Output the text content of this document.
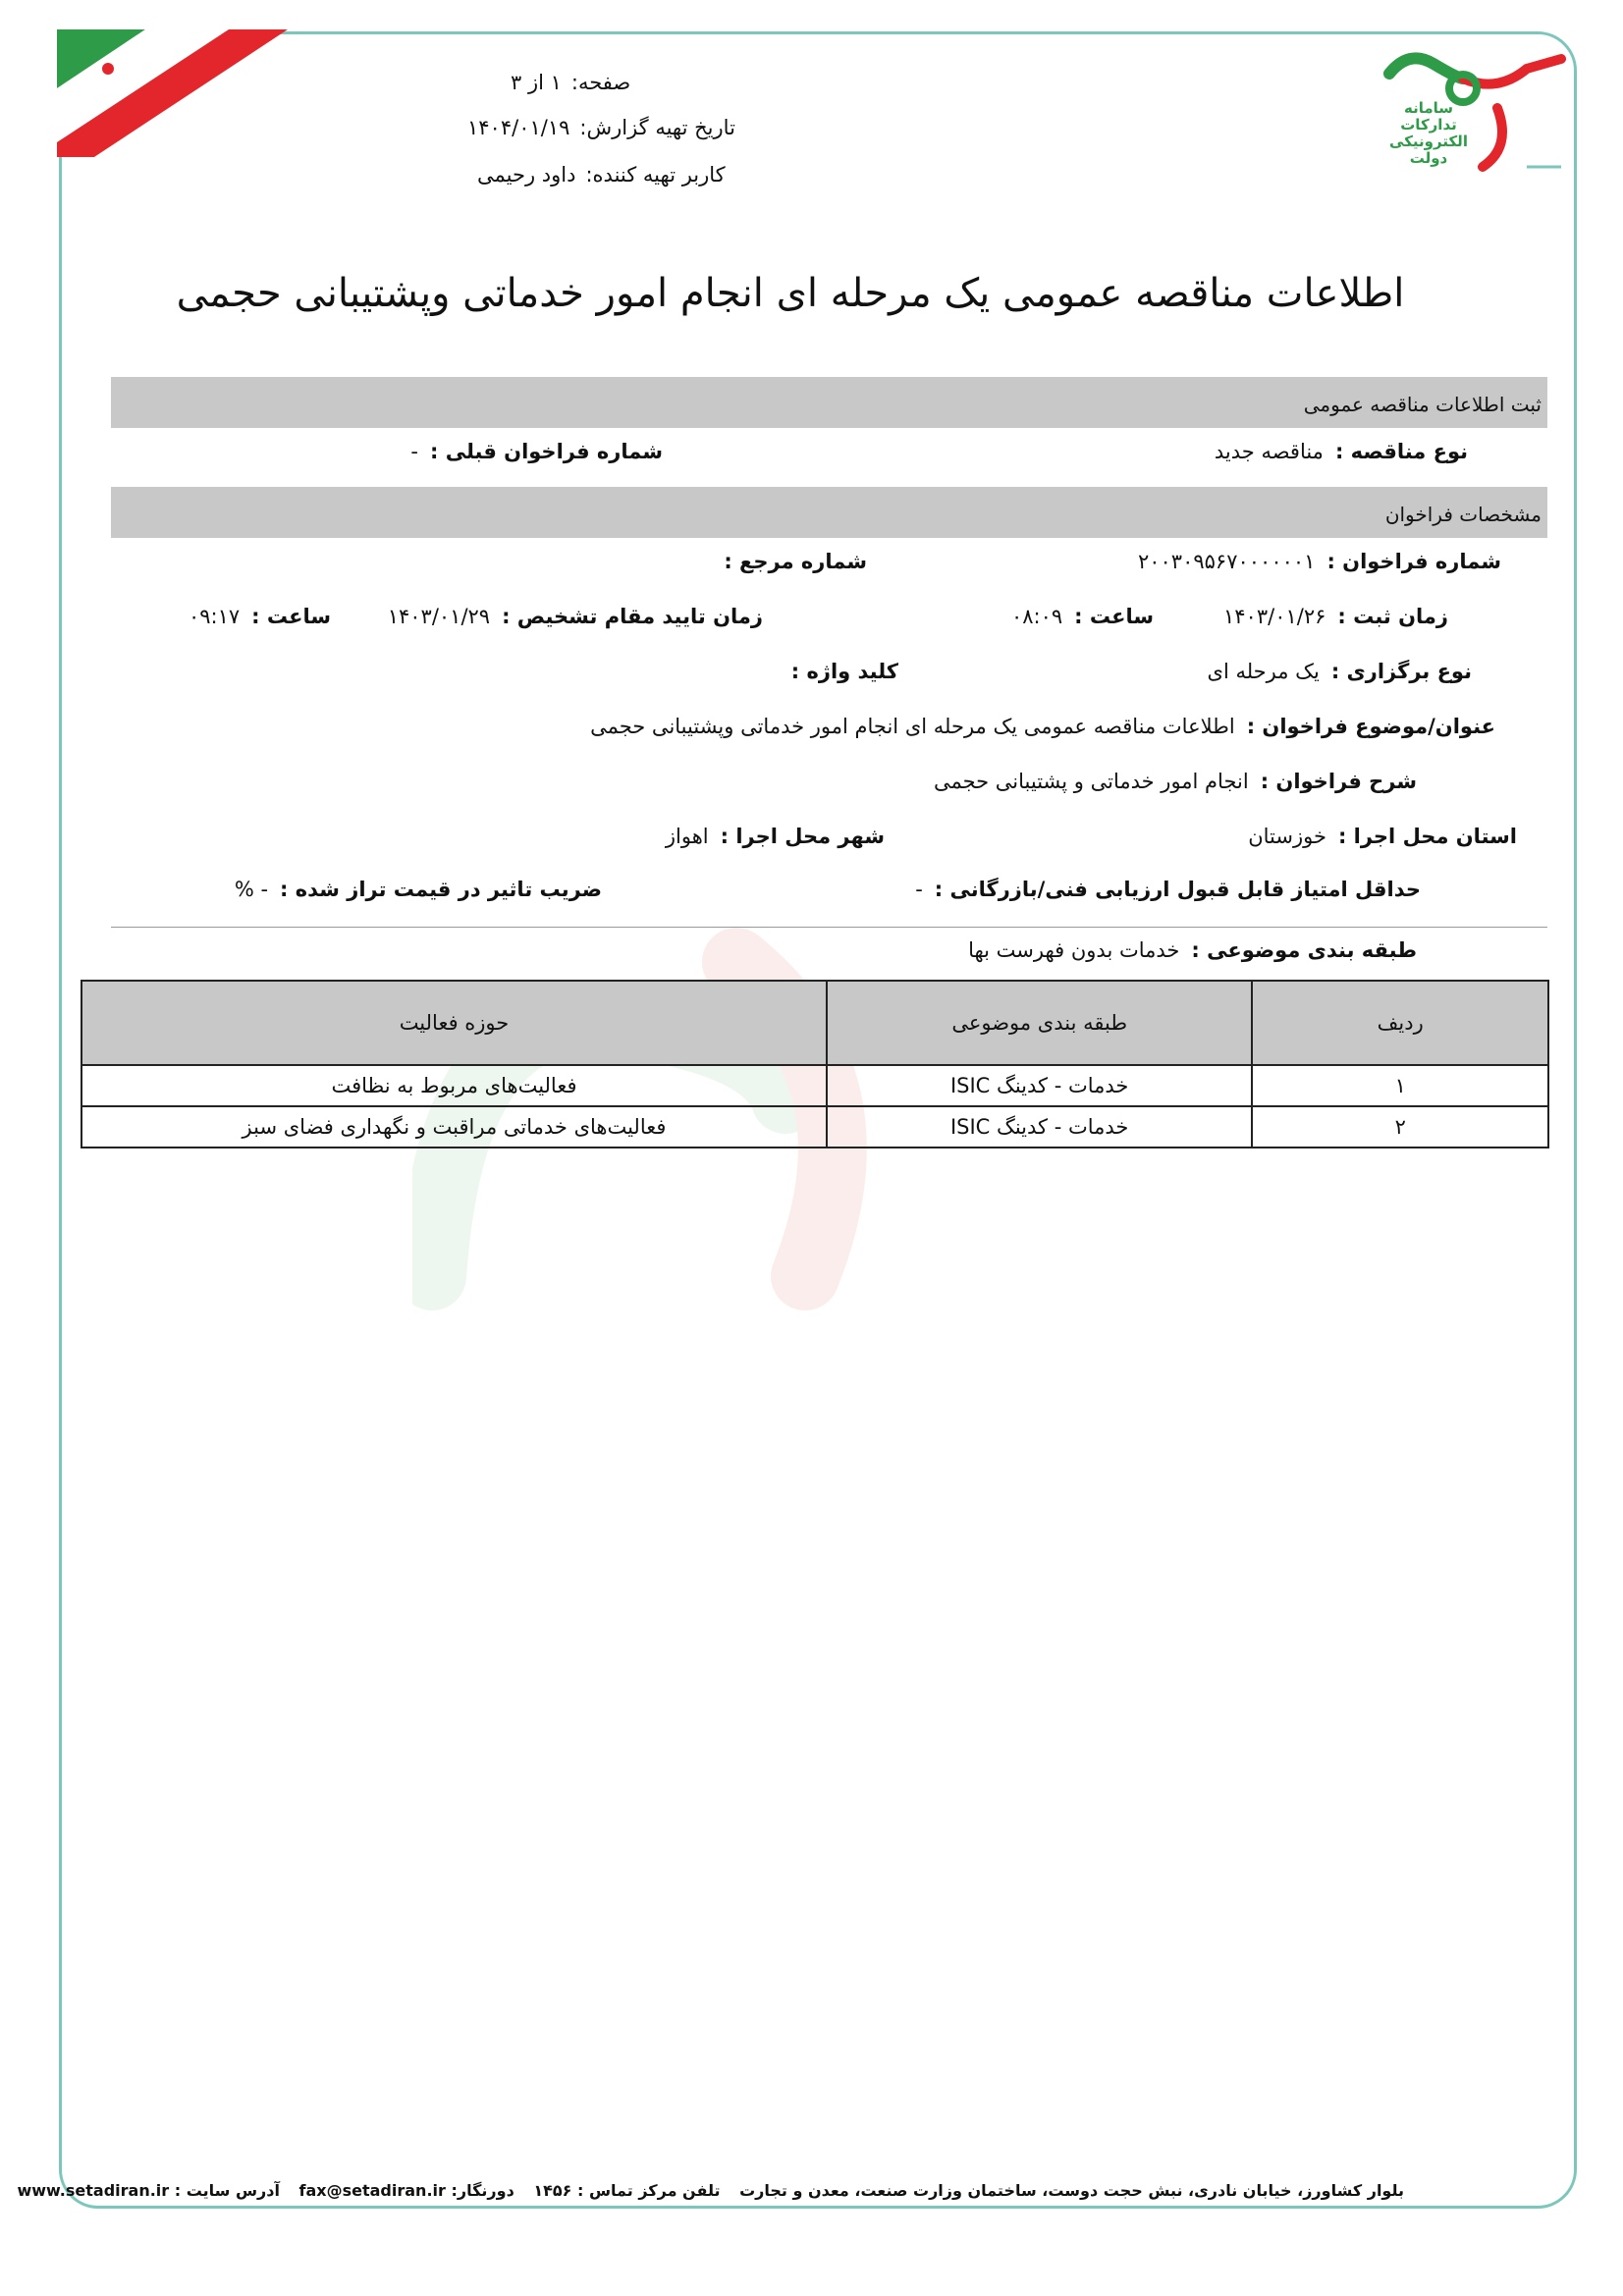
سامانه
تدارکات
الکترونیکی
دولت
صفحه:۱ از ۳
تاریخ تهیه گزارش:۱۴۰۴/۰۱/۱۹
کاربر تهیه کننده:داود رحیمی
اطلاعات مناقصه عمومی یک مرحله ای انجام امور خدماتی وپشتیبانی حجمی
ثبت اطلاعات مناقصه عمومی
نوع مناقصه :مناقصه جدید
شماره فراخوان قبلی :-
مشخصات فراخوان
شماره فراخوان :۲۰۰۳۰۹۵۶۷۰۰۰۰۰۰۱
شماره مرجع :
زمان ثبت :۱۴۰۳/۰۱/۲۶
ساعت :۰۸:۰۹
زمان تایید مقام تشخیص :۱۴۰۳/۰۱/۲۹
ساعت :۰۹:۱۷
نوع برگزاری :یک مرحله ای
کلید واژه :
عنوان/موضوع فراخوان :اطلاعات مناقصه عمومی یک مرحله ای انجام امور خدماتی وپشتیبانی حجمی
شرح فراخوان :انجام امور خدماتی و پشتیبانی حجمی
استان محل اجرا :خوزستان
شهر محل اجرا :اهواز
حداقل امتیاز قابل قبول ارزیابی فنی/بازرگانی :-
ضریب تاثیر در قیمت تراز شده :- %
طبقه بندی موضوعی :خدمات بدون فهرست بها
ردیف	طبقه بندی موضوعی	حوزه فعالیت
۱	خدمات - کدینگ ISIC	فعالیت‌های مربوط به نظافت
۲	خدمات - کدینگ ISIC	فعالیت‌های خدماتی مراقبت و نگهداری فضای سبز
بلوار کشاورز، خیابان نادری، نبش حجت دوست، ساختمان وزارت صنعت، معدن و تجارت تلفن مرکز تماس : ۱۴۵۶ دورنگار: fax@setadiran.ir آدرس سایت : www.setadiran.ir
